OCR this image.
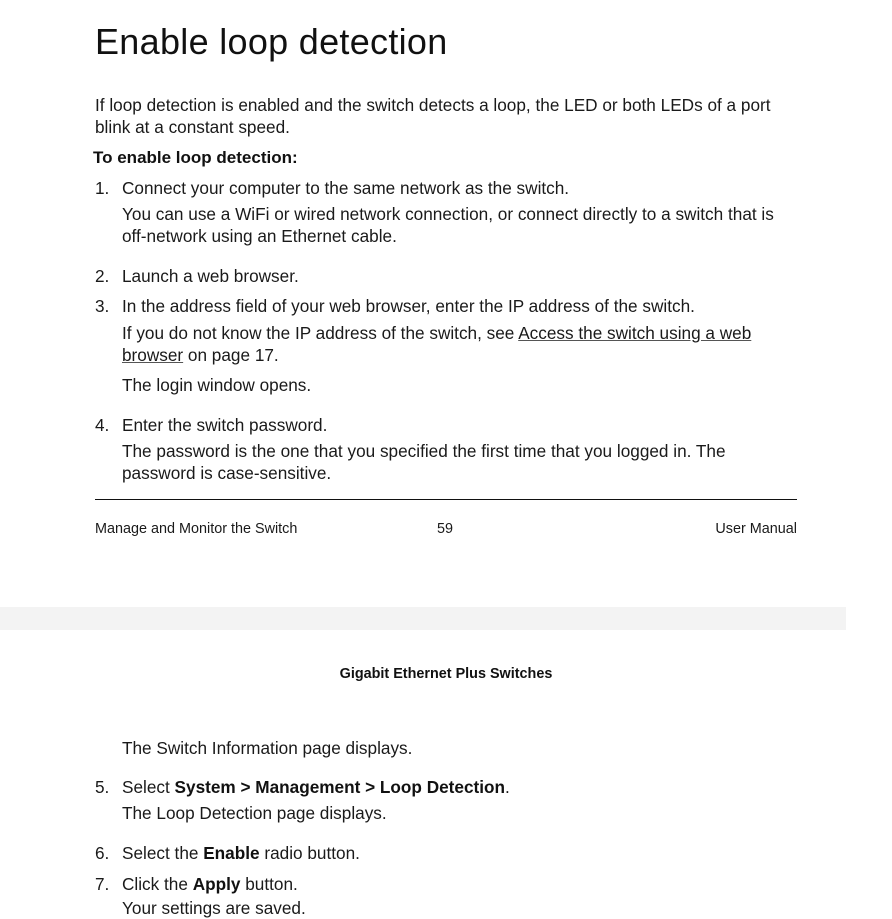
Enable loop detection

If loop detection is enabled and the switch detects a loop, the LED or both LEDs of a port blink at a constant speed.

To enable loop detection:

1. Connect your computer to the same network as the switch.
You can use a WiFi or wired network connection, or connect directly to a switch that is off-network using an Ethernet cable.
2. Launch a web browser.
3. In the address field of your web browser, enter the IP address of the switch.
If you do not know the IP address of the switch, see Access the switch using a web browser on page 17.
The login window opens.
4. Enter the switch password.
The password is the one that you specified the first time that you logged in. The password is case-sensitive.
Manage and Monitor the Switch	59	User Manual
Gigabit Ethernet Plus Switches
The Switch Information page displays.
5. Select System > Management > Loop Detection.
The Loop Detection page displays.
6. Select the Enable radio button.
7. Click the Apply button.
Your settings are saved.
